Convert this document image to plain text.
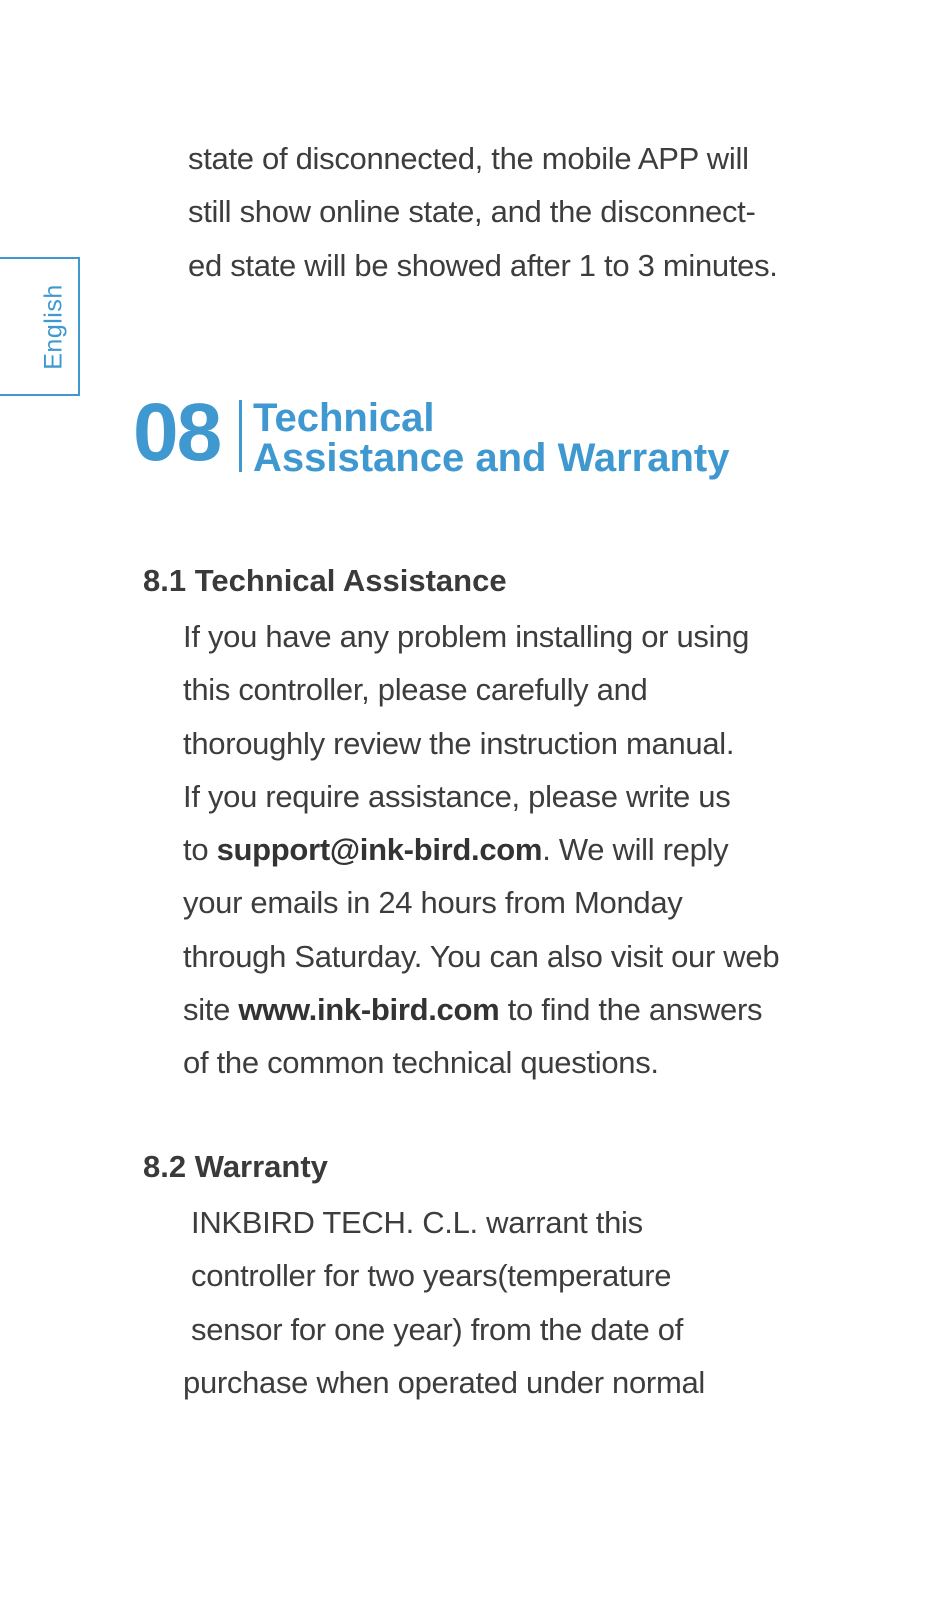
English
state of disconnected, the mobile APP will
still show online state, and the disconnect-
ed state will be showed after 1 to 3 minutes.
08 Technical
Assistance and Warranty
8.1 Technical Assistance
If you have any problem installing or using
this controller, please carefully and
thoroughly review the instruction manual.
If you require assistance, please write us
to support@ink-bird.com. We will reply
your emails in 24 hours from Monday
through Saturday. You can also visit our web
site www.ink-bird.com to find the answers
of the common technical questions.
8.2 Warranty
INKBIRD TECH. C.L. warrant this
controller for two years(temperature
sensor for one year) from the date of
purchase when operated under normal
